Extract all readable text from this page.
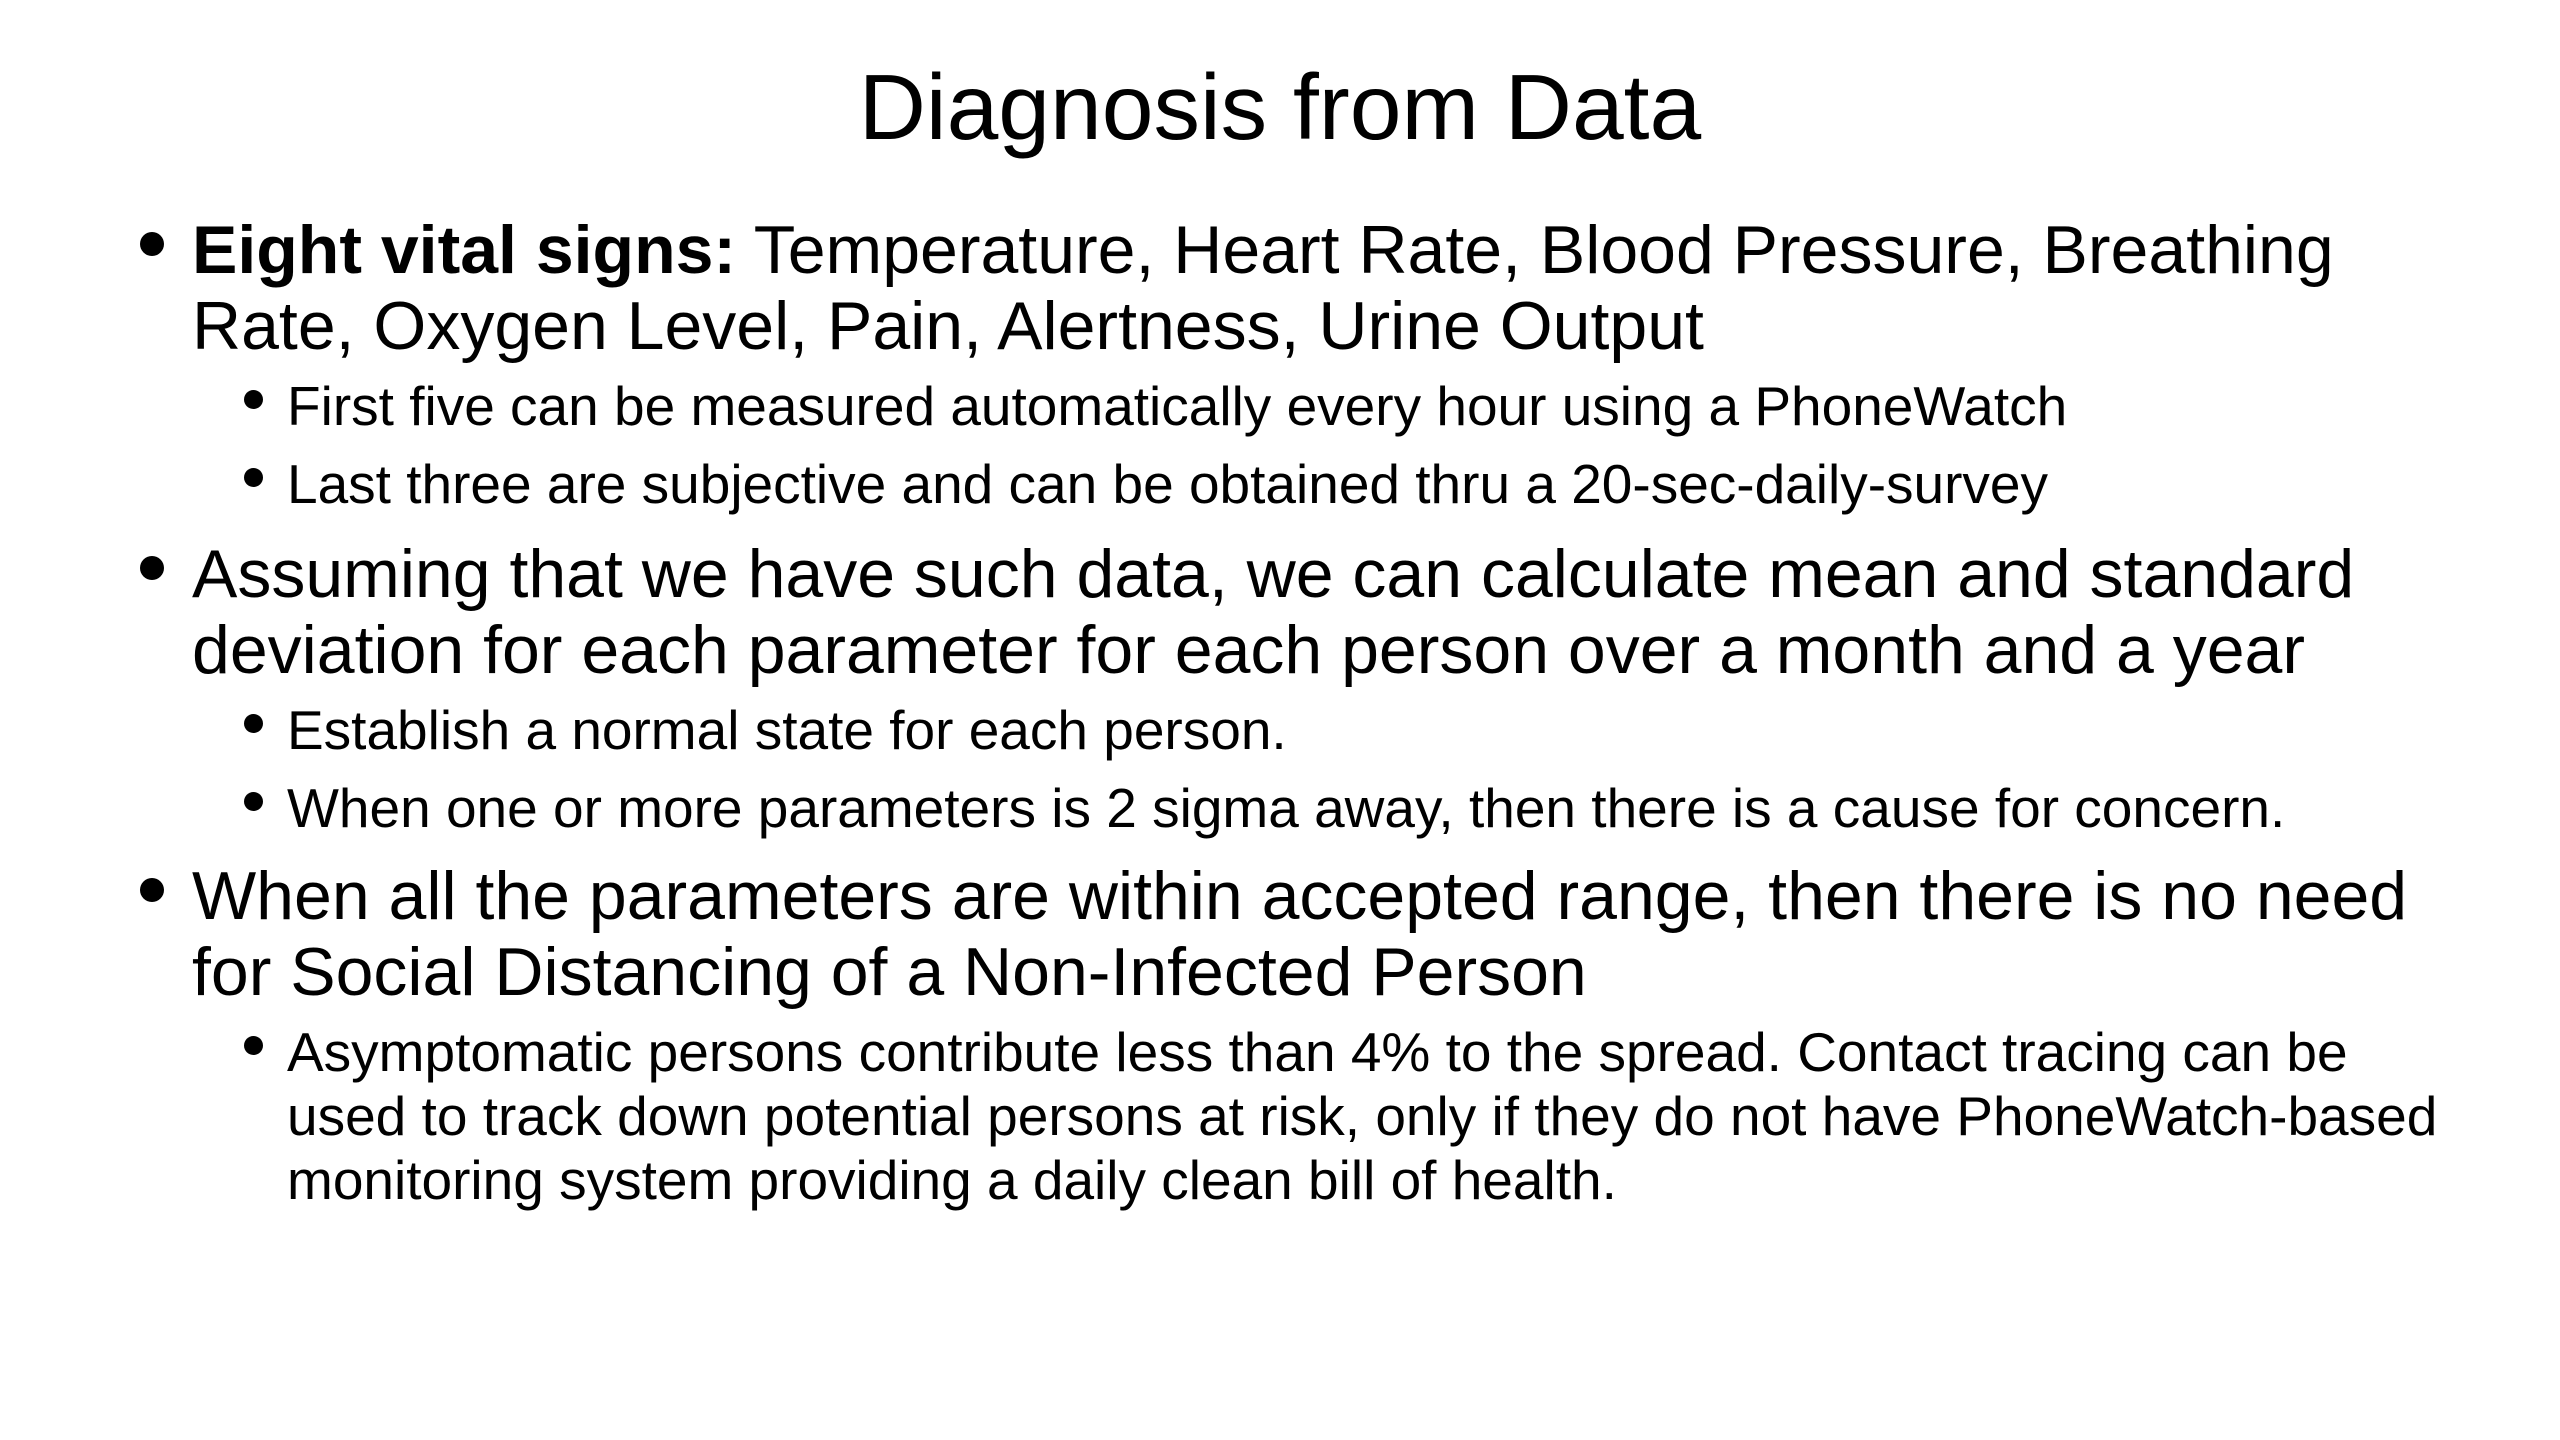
Diagnosis from Data
Eight vital signs: Temperature, Heart Rate, Blood Pressure, Breathing Rate, Oxygen Level, Pain, Alertness, Urine Output
First five can be measured automatically every hour using a PhoneWatch
Last three are subjective and can be obtained thru a 20-sec-daily-survey
Assuming that we have such data, we can calculate mean and standard deviation for each parameter for each person over a month and a year
Establish a normal state for each person.
When one or more parameters is 2 sigma away, then there is a cause for concern.
When all the parameters are within accepted range, then there is no need for Social Distancing of a Non-Infected Person
Asymptomatic persons contribute less than 4% to the spread. Contact tracing can be used to track down potential persons at risk, only if they do not have PhoneWatch-based monitoring system providing a daily clean bill of health.
